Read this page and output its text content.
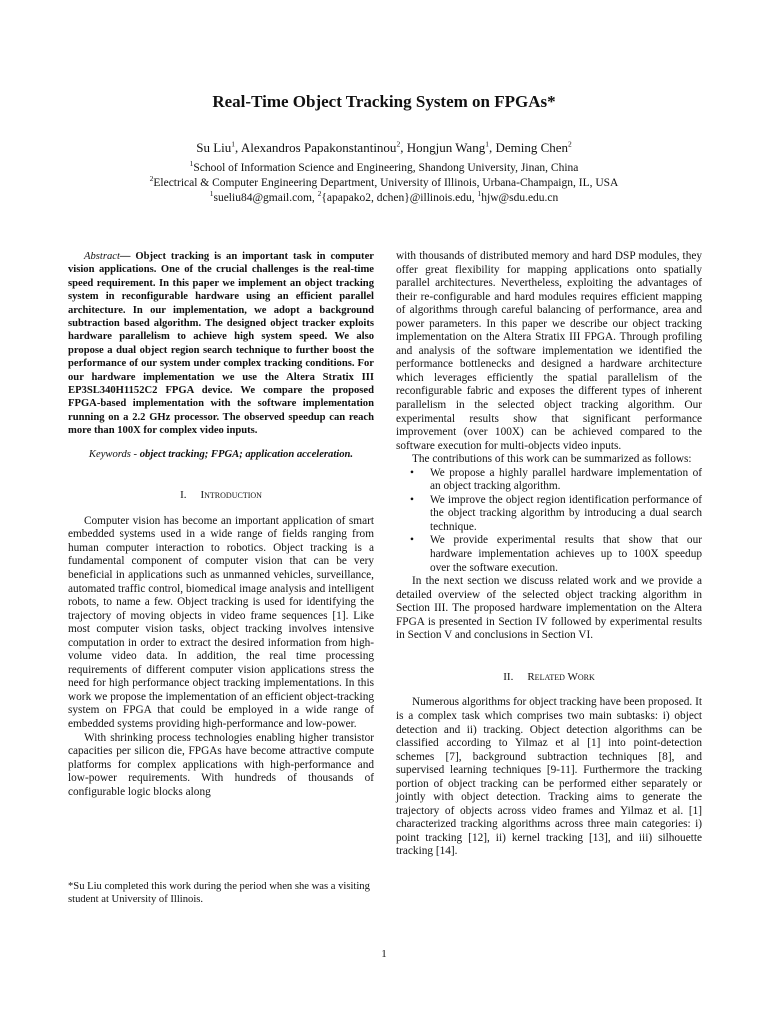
Real-Time Object Tracking System on FPGAs*
Su Liu$^1$, Alexandros Papakonstantinou$^2$, Hongjun Wang$^1$, Deming Chen$^2$
$^1$School of Information Science and Engineering, Shandong University, Jinan, China
$^2$Electrical & Computer Engineering Department, University of Illinois, Urbana-Champaign, IL, USA
$^1$sueliu84@gmail.com, $^2${apapako2, dchen}@illinois.edu, $^1$hjw@sdu.edu.cn

Abstract— Object tracking is an important task in computer vision applications. One of the crucial challenges is the real-time speed requirement. In this paper we implement an object tracking system in reconfigurable hardware using an efficient parallel architecture. In our implementation, we adopt a background subtraction based algorithm. The designed object tracker exploits hardware parallelism to achieve high system speed. We also propose a dual object region search technique to further boost the performance of our system under complex tracking conditions. For our hardware implementation we use the Altera Stratix III EP3SL340H1152C2 FPGA device. We compare the proposed FPGA-based implementation with the software implementation running on a 2.2 GHz processor. The observed speedup can reach more than 100X for complex video inputs.

Keywords - object tracking; FPGA; application acceleration.

I. Introduction

Computer vision has become an important application of smart embedded systems used in a wide range of fields ranging from human computer interaction to robotics. Object tracking is a fundamental component of computer vision that can be very beneficial in applications such as unmanned vehicles, surveillance, automated traffic control, biomedical image analysis and intelligent robots, to name a few. Object tracking is used for identifying the trajectory of moving objects in video frame sequences [1]. Like most computer vision tasks, object tracking involves intensive computation in order to extract the desired information from high-volume video data. In addition, the real time processing requirements of different computer vision applications stress the need for high performance object tracking implementations. In this work we propose the implementation of an efficient object-tracking system on FPGA that could be employed in a wide range of embedded systems providing high-performance and low-power.

With shrinking process technologies enabling higher transistor capacities per silicon die, FPGAs have become attractive compute platforms for complex applications with high-performance and low-power requirements. With hundreds of thousands of configurable logic blocks along

with thousands of distributed memory and hard DSP modules, they offer great flexibility for mapping applications onto spatially parallel architectures. Nevertheless, exploiting the advantages of their re-configurable and hard modules requires efficient mapping of algorithms through careful balancing of performance, area and power parameters. In this paper we describe our object tracking implementation on the Altera Stratix III FPGA. Through profiling and analysis of the software implementation we identified the performance bottlenecks and designed a hardware architecture which leverages efficiently the spatial parallelism of the reconfigurable fabric and exposes the different types of inherent parallelism in the selected object tracking algorithm. Our experimental results show that significant performance improvement (over 100X) can be achieved compared to the software execution for multi-objects video inputs.

The contributions of this work can be summarized as follows:

• We propose a highly parallel hardware implementation of an object tracking algorithm.
• We improve the object region identification performance of the object tracking algorithm by introducing a dual search technique.
• We provide experimental results that show that our hardware implementation achieves up to 100X speedup over the software execution.

In the next section we discuss related work and we provide a detailed overview of the selected object tracking algorithm in Section III. The proposed hardware implementation on the Altera FPGA is presented in Section IV followed by experimental results in Section V and conclusions in Section VI.

II. Related Work

Numerous algorithms for object tracking have been proposed. It is a complex task which comprises two main subtasks: i) object detection and ii) tracking. Object detection algorithms can be classified according to Yilmaz et al [1] into point-detection schemes [7], background subtraction techniques [8], and supervised learning techniques [9-11]. Furthermore the tracking portion of object tracking can be performed either separately or jointly with object detection. Tracking aims to generate the trajectory of objects across video frames and Yilmaz et al. [1] characterized tracking algorithms across three main categories: i) point tracking [12], ii) kernel tracking [13], and iii) silhouette tracking [14].

*Su Liu completed this work during the period when she was a visiting student at University of Illinois.
1
